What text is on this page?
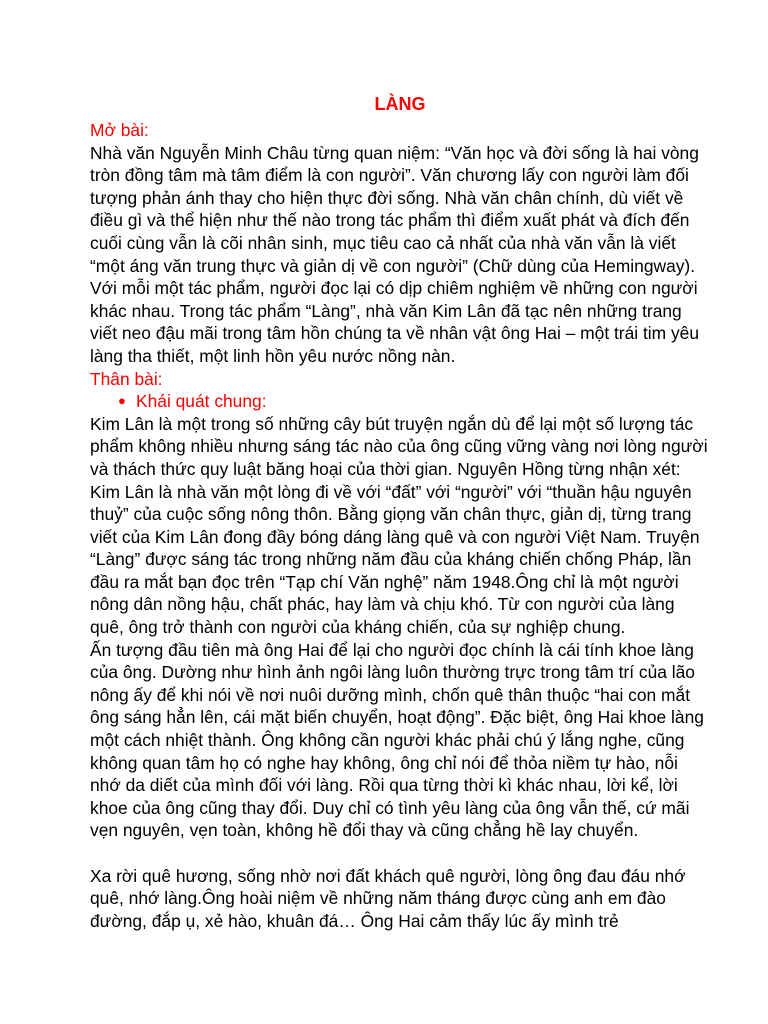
LÀNG

Mở bài:

Nhà văn Nguyễn Minh Châu từng quan niệm: “Văn học và đời sống là hai vòng tròn đồng tâm mà tâm điểm là con người”. Văn chương lấy con người làm đối tượng phản ánh thay cho hiện thực đời sống. Nhà văn chân chính, dù viết về điều gì và thể hiện như thế nào trong tác phẩm thì điểm xuất phát và đích đến cuối cùng vẫn là cõi nhân sinh, mục tiêu cao cả nhất của nhà văn vẫn là viết “một áng văn trung thực và giản dị về con người” (Chữ dùng của Hemingway). Với mỗi một tác phẩm, người đọc lại có dịp chiêm nghiệm về những con người khác nhau. Trong tác phẩm “Làng”, nhà văn Kim Lân đã tạc nên những trang viết neo đậu mãi trong tâm hồn chúng ta về nhân vật ông Hai – một trái tim yêu làng tha thiết, một linh hồn yêu nước nồng nàn.

Thân bài:

● Khái quát chung:

Kim Lân là một trong số những cây bút truyện ngắn dù để lại một số lượng tác phẩm không nhiều nhưng sáng tác nào của ông cũng vững vàng nơi lòng người và thách thức quy luật băng hoại của thời gian. Nguyên Hồng từng nhận xét: Kim Lân là nhà văn một lòng đi về với “đất” với “người” với “thuần hậu nguyên thuỷ” của cuộc sống nông thôn. Bằng giọng văn chân thực, giản dị, từng trang viết của Kim Lân đong đầy bóng dáng làng quê và con người Việt Nam. Truyện “Làng” được sáng tác trong những năm đầu của kháng chiến chống Pháp, lần đầu ra mắt bạn đọc trên “Tạp chí Văn nghệ” năm 1948.Ông chỉ là một người nông dân nồng hậu, chất phác, hay làm và chịu khó. Từ con người của làng quê, ông trở thành con người của kháng chiến, của sự nghiệp chung.

Ấn tượng đầu tiên mà ông Hai để lại cho người đọc chính là cái tính khoe làng của ông. Dường như hình ảnh ngôi làng luôn thường trực trong tâm trí của lão nông ấy để khi nói về nơi nuôi dưỡng mình, chốn quê thân thuộc “hai con mắt ông sáng hẳn lên, cái mặt biến chuyển, hoạt động”. Đặc biệt, ông Hai khoe làng một cách nhiệt thành. Ông không cần người khác phải chú ý lắng nghe, cũng không quan tâm họ có nghe hay không, ông chỉ nói để thỏa niềm tự hào, nỗi nhớ da diết của mình đối với làng. Rồi qua từng thời kì khác nhau, lời kể, lời khoe của ông cũng thay đổi. Duy chỉ có tình yêu làng của ông vẫn thế, cứ mãi vẹn nguyên, vẹn toàn, không hề đổi thay và cũng chẳng hề lay chuyển.

Xa rời quê hương, sống nhờ nơi đất khách quê người, lòng ông đau đáu nhớ quê, nhớ làng.Ông hoài niệm về những năm tháng được cùng anh em đào đường, đắp ụ, xẻ hào, khuân đá… Ông Hai cảm thấy lúc ấy mình trẻ
